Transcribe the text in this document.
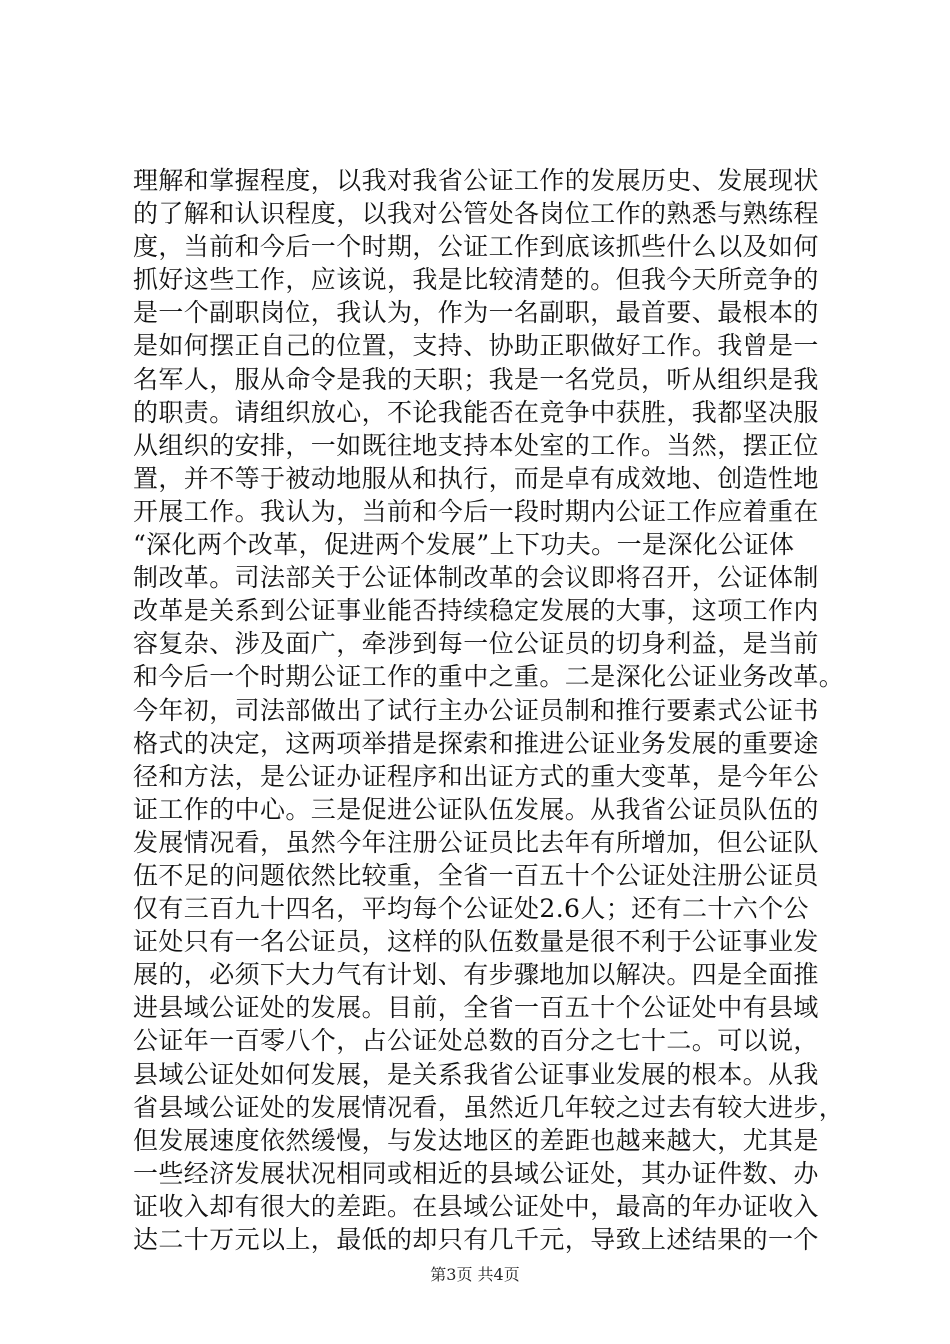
理解和掌握程度，以我对我省公证工作的发展历史、发展现状
的了解和认识程度，以我对公管处各岗位工作的熟悉与熟练程
度，当前和今后一个时期，公证工作到底该抓些什么以及如何
抓好这些工作，应该说，我是比较清楚的。但我今天所竞争的
是一个副职岗位，我认为，作为一名副职，最首要、最根本的
是如何摆正自己的位置，支持、协助正职做好工作。我曾是一
名军人，服从命令是我的天职；我是一名党员，听从组织是我
的职责。请组织放心，不论我能否在竞争中获胜，我都坚决服
从组织的安排，一如既往地支持本处室的工作。当然，摆正位
置，并不等于被动地服从和执行，而是卓有成效地、创造性地
开展工作。我认为，当前和今后一段时期内公证工作应着重在
“深化两个改革，促进两个发展”上下功夫。一是深化公证体
制改革。司法部关于公证体制改革的会议即将召开，公证体制
改革是关系到公证事业能否持续稳定发展的大事，这项工作内
容复杂、涉及面广，牵涉到每一位公证员的切身利益，是当前
和今后一个时期公证工作的重中之重。二是深化公证业务改革。
今年初，司法部做出了试行主办公证员制和推行要素式公证书
格式的决定，这两项举措是探索和推进公证业务发展的重要途
径和方法，是公证办证程序和出证方式的重大变革，是今年公
证工作的中心。三是促进公证队伍发展。从我省公证员队伍的
发展情况看，虽然今年注册公证员比去年有所增加，但公证队
伍不足的问题依然比较重，全省一百五十个公证处注册公证员
仅有三百九十四名，平均每个公证处2.6人；还有二十六个公
证处只有一名公证员，这样的队伍数量是很不利于公证事业发
展的，必须下大力气有计划、有步骤地加以解决。四是全面推
进县域公证处的发展。目前，全省一百五十个公证处中有县域
公证年一百零八个，占公证处总数的百分之七十二。可以说，
县域公证处如何发展，是关系我省公证事业发展的根本。从我
省县域公证处的发展情况看，虽然近几年较之过去有较大进步，
但发展速度依然缓慢，与发达地区的差距也越来越大，尤其是
一些经济发展状况相同或相近的县域公证处，其办证件数、办
证收入却有很大的差距。在县域公证处中，最高的年办证收入
达二十万元以上，最低的却只有几千元，导致上述结果的一个
第3页 共4页
